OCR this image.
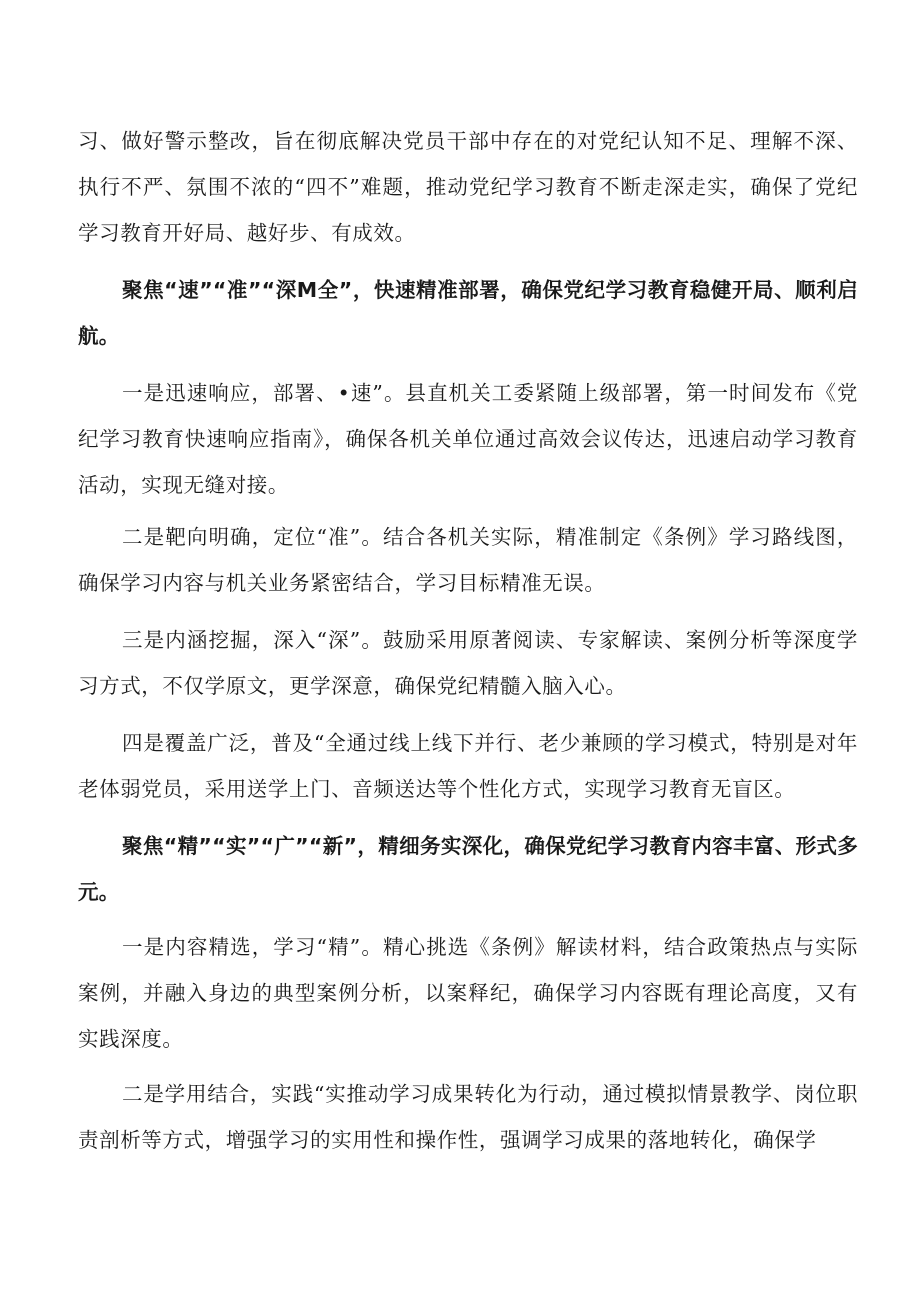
习、做好警示整改，旨在彻底解决党员干部中存在的对党纪认知不足、理解不深、执行不严、氛围不浓的“四不”难题，推动党纪学习教育不断走深走实，确保了党纪学习教育开好局、越好步、有成效。

聚焦“速”“准”“深M全”，快速精准部署，确保党纪学习教育稳健开局、顺利启航。

一是迅速响应，部署、•速”。县直机关工委紧随上级部署，第一时间发布《党纪学习教育快速响应指南》，确保各机关单位通过高效会议传达，迅速启动学习教育活动，实现无缝对接。

二是靶向明确，定位“准”。结合各机关实际，精准制定《条例》学习路线图，确保学习内容与机关业务紧密结合，学习目标精准无误。

三是内涵挖掘，深入“深”。鼓励采用原著阅读、专家解读、案例分析等深度学习方式，不仅学原文，更学深意，确保党纪精髓入脑入心。

四是覆盖广泛，普及“全通过线上线下并行、老少兼顾的学习模式，特别是对年老体弱党员，采用送学上门、音频送达等个性化方式，实现学习教育无盲区。

聚焦“精”“实”“广”“新”，精细务实深化，确保党纪学习教育内容丰富、形式多元。

一是内容精选，学习“精”。精心挑选《条例》解读材料，结合政策热点与实际案例，并融入身边的典型案例分析，以案释纪，确保学习内容既有理论高度，又有实践深度。

二是学用结合，实践“实推动学习成果转化为行动，通过模拟情景教学、岗位职责剖析等方式，增强学习的实用性和操作性，强调学习成果的落地转化，确保学
